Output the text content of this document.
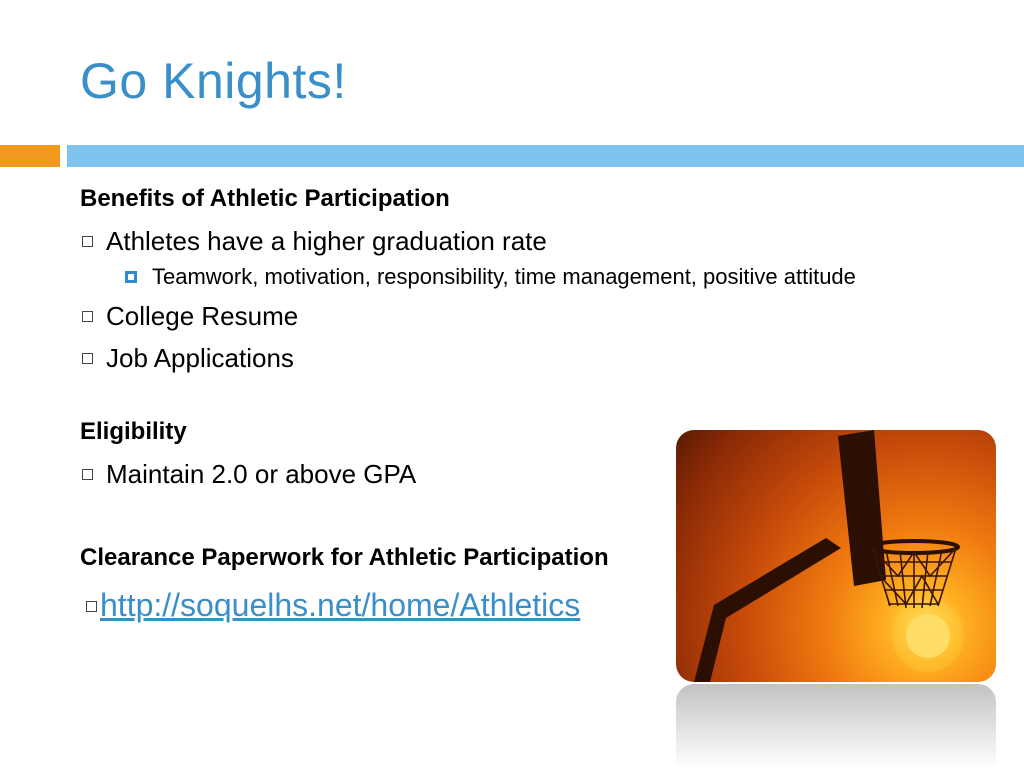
Go Knights!
Benefits of Athletic Participation
Athletes have a higher graduation rate
Teamwork, motivation, responsibility, time management, positive attitude
College Resume
Job Applications
Eligibility
Maintain 2.0 or above GPA
Clearance Paperwork for Athletic Participation
http://soquelhs.net/home/Athletics
